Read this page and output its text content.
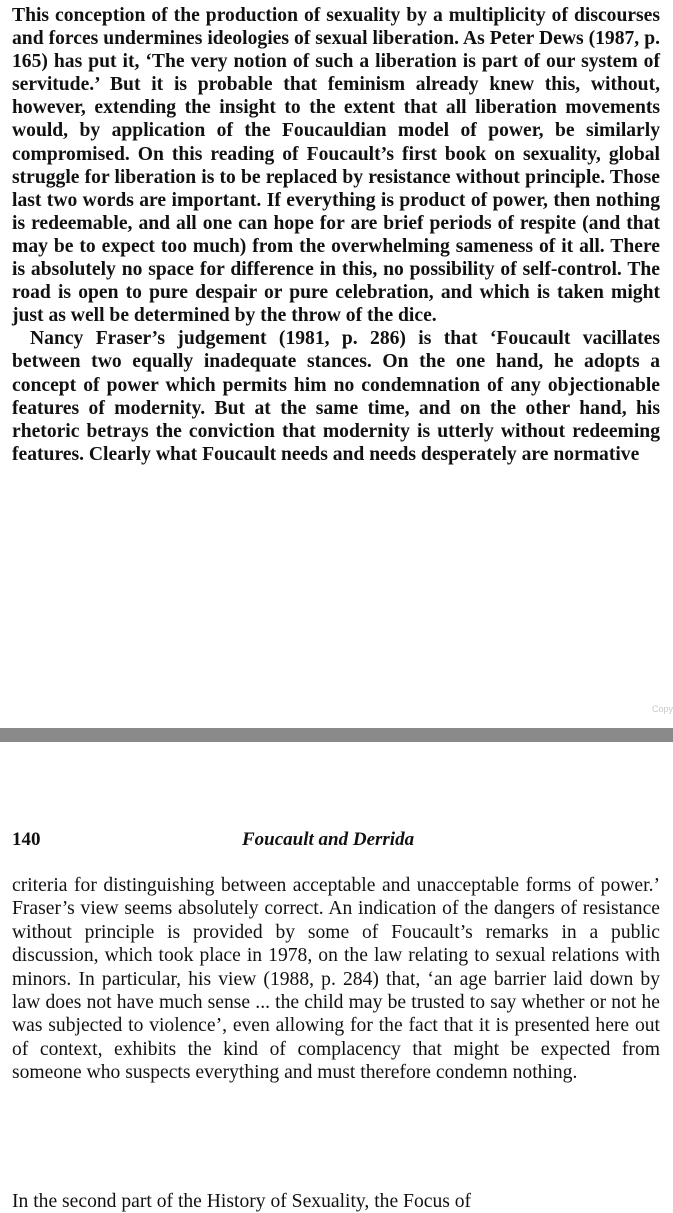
This conception of the production of sexuality by a multiplicity of discourses and forces undermines ideologies of sexual liberation. As Peter Dews (1987, p. 165) has put it, ‘The very notion of such a liberation is part of our system of servitude.’ But it is probable that feminism already knew this, without, however, extending the insight to the extent that all liberation movements would, by application of the Foucauldian model of power, be similarly compromised. On this reading of Foucault’s first book on sexuality, global struggle for liberation is to be replaced by resistance without principle. Those last two words are important. If everything is product of power, then nothing is redeemable, and all one can hope for are brief periods of respite (and that may be to expect too much) from the overwhelming sameness of it all. There is absolutely no space for difference in this, no possibility of self-control. The road is open to pure despair or pure celebration, and which is taken might just as well be determined by the throw of the dice.

Nancy Fraser’s judgement (1981, p. 286) is that ‘Foucault vacillates between two equally inadequate stances. On the one hand, he adopts a concept of power which permits him no condemnation of any objectionable features of modernity. But at the same time, and on the other hand, his rhetoric betrays the conviction that modernity is utterly without redeeming features. Clearly what Foucault needs and needs desperately are normative

Copy
140	Foucault and Derrida

criteria for distinguishing between acceptable and unacceptable forms of power.’ Fraser’s view seems absolutely correct. An indication of the dangers of resistance without principle is provided by some of Foucault’s remarks in a public discussion, which took place in 1978, on the law relating to sexual relations with minors. In particular, his view (1988, p. 284) that, ‘an age barrier laid down by law does not have much sense ... the child may be trusted to say whether or not he was subjected to violence’, even allowing for the fact that it is presented here out of context, exhibits the kind of complacency that might be expected from someone who suspects everything and must therefore condemn nothing.

In the second part of the History of Sexuality, the Focus of
